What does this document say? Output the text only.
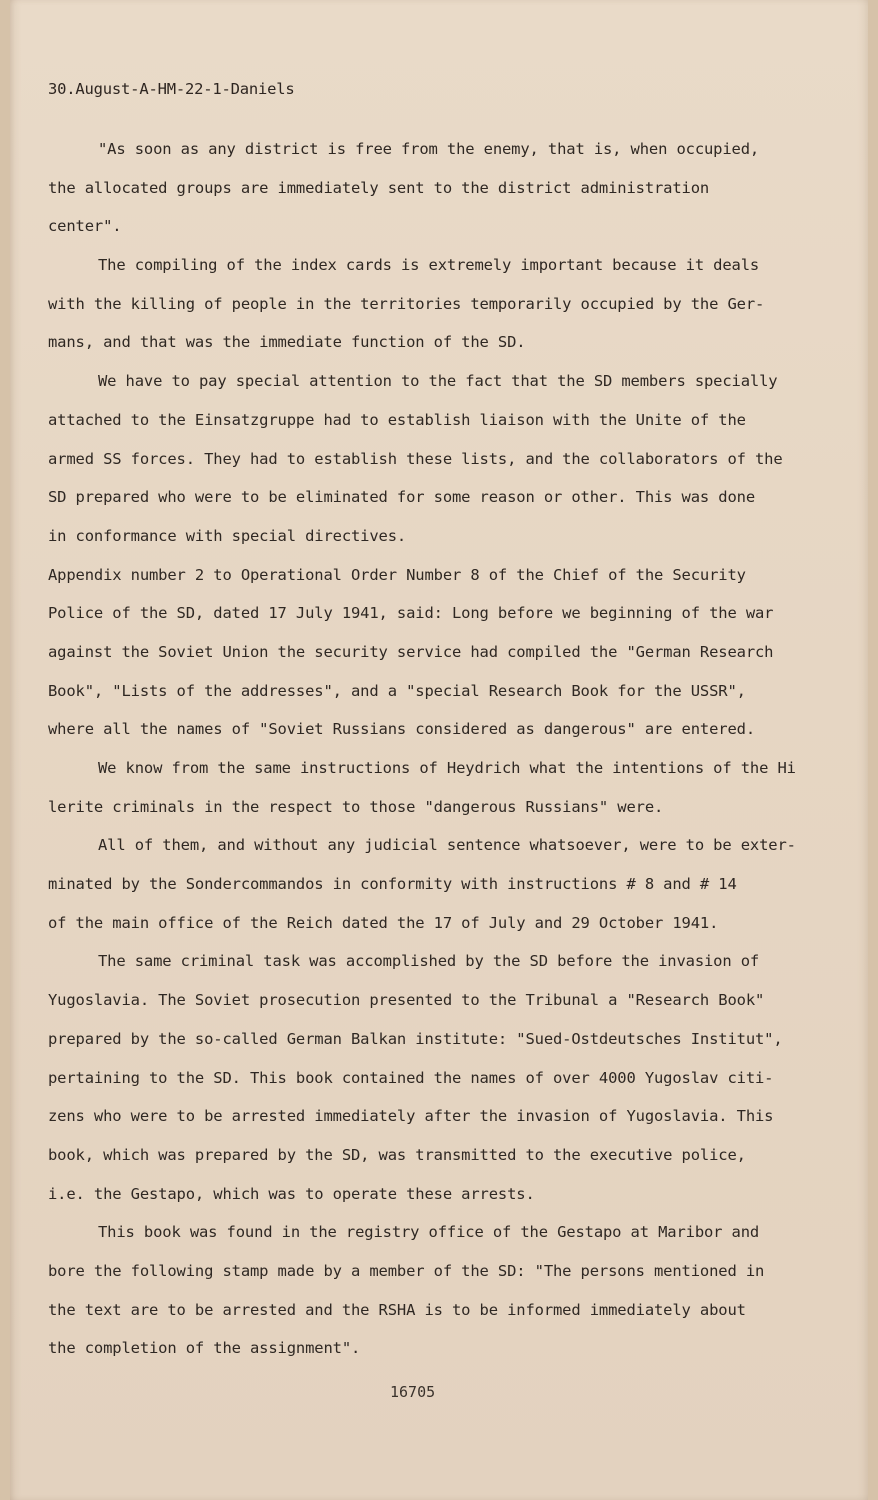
30.August-A-HM-22-1-Daniels
"As soon as any district is free from the enemy, that is, when occupied,
the allocated groups are immediately sent to the district administration
center".
The compiling of the index cards is extremely important because it deals
with the killing of people in the territories temporarily occupied by the Ger-
mans, and that was the immediate function of the SD.
We have to pay special attention to the fact that the SD members specially
attached to the Einsatzgruppe had to establish liaison with the Unite of the
armed SS forces. They had to establish these lists, and the collaborators of the
SD prepared who were to be eliminated for some reason or other. This was done
in conformance with special directives.
Appendix number 2 to Operational Order Number 8 of the Chief of the Security
Police of the SD, dated 17 July 1941, said: Long before we beginning of the war
against the Soviet Union the security service had compiled the "German Research
Book", "Lists of the addresses", and a "special Research Book for the USSR",
where all the names of "Soviet Russians considered as dangerous" are entered.
We know from the same instructions of Heydrich what the intentions of the Hi
lerite criminals in the respect to those "dangerous Russians" were.
All of them, and without any judicial sentence whatsoever, were to be exter-
minated by the Sondercommandos in conformity with instructions # 8 and # 14
of the main office of the Reich dated the 17 of July and 29 October 1941.
The same criminal task was accomplished by the SD before the invasion of
Yugoslavia. The Soviet prosecution presented to the Tribunal a "Research Book"
prepared by the so-called German Balkan institute: "Sued-Ostdeutsches Institut",
pertaining to the SD. This book contained the names of over 4000 Yugoslav citi-
zens who were to be arrested immediately after the invasion of Yugoslavia. This
book, which was prepared by the SD, was transmitted to the executive police,
i.e. the Gestapo, which was to operate these arrests.
This book was found in the registry office of the Gestapo at Maribor and
bore the following stamp made by a member of the SD: "The persons mentioned in
the text are to be arrested and the RSHA is to be informed immediately about
the completion of the assignment".
16705
